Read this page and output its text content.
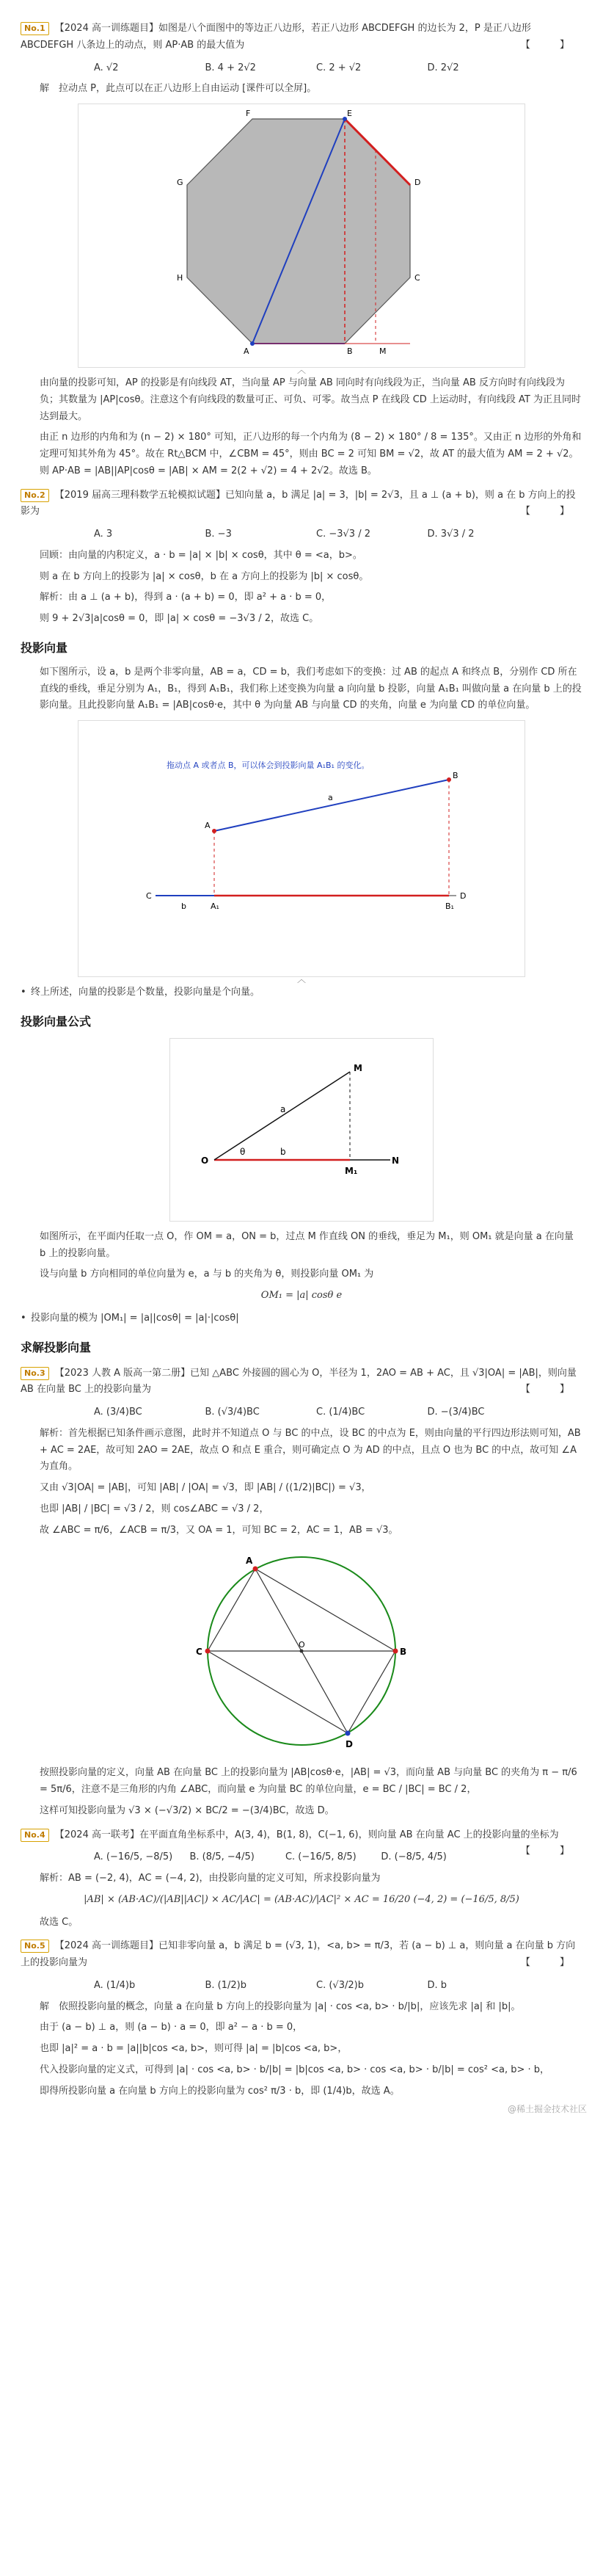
No.1 【2024 高一训练题目】如图是八个面图中的等边正八边形，若正八边形 ABCDEFGH 的边长为 2，P 是正八边形 ABCDEFGH 八条边上的动点，则 AP·AB 的最大值为	【 】
A. √2	B. 4 + 2√2	C. 2 + √2	D. 2√2
解　拉动点 P，此点可以在正八边形上自由运动 [课件可以全屏]。
A	B
C
D
E
F
G
H
M
︿
由向量的投影可知，AP 的投影是有向线段 AT，当向量 AP 与向量 AB 同向时有向线段为正，当向量 AB 反方向时有向线段为负；其数量为 |AP|cosθ。注意这个有向线段的数量可正、可负、可零。故当点 P 在线段 CD 上运动时，有向线段 AT 为正且同时达到最大。
由正 n 边形的内角和为 (n − 2) × 180° 可知，正八边形的每一个内角为 (8 − 2) × 180° / 8 = 135°。又由正 n 边形的外角和定理可知其外角为 45°。故在 Rt△BCM 中，∠CBM = 45°，则由 BC = 2 可知 BM = √2，故 AT 的最大值为 AM = 2 + √2。则 AP·AB = |AB||AP|cosθ = |AB| × AM = 2(2 + √2) = 4 + 2√2。故选 B。
No.2 【2019 届高三理科数学五轮模拟试题】已知向量 a，b 满足 |a| = 3，|b| = 2√3，且 a ⊥ (a + b)，则 a 在 b 方向上的投影为	【 】
A. 3	B. −3	C. −3√3 / 2	D. 3√3 / 2
回顾：由向量的内积定义，a · b = |a| × |b| × cosθ，其中 θ = <a，b>。
则 a 在 b 方向上的投影为 |a| × cosθ，b 在 a 方向上的投影为 |b| × cosθ。
解析：由 a ⊥ (a + b)，得到 a · (a + b) = 0，即 a² + a · b = 0，
则 9 + 2√3|a|cosθ = 0，即 |a| × cosθ = −3√3 / 2，故选 C。
投影向量
如下图所示，设 a，b 是两个非零向量，AB = a，CD = b，我们考虑如下的变换：过 AB 的起点 A 和终点 B，分别作 CD 所在直线的垂线，垂足分别为 A₁，B₁，得到 A₁B₁，我们称上述变换为向量 a 向向量 b 投影，向量 A₁B₁ 叫做向量 a 在向量 b 上的投影向量。且此投影向量 A₁B₁ = |AB|cosθ·e，其中 θ 为向量 AB 与向量 CD 的夹角，向量 e 为向量 CD 的单位向量。
拖动点 A 或者点 B，可以体会到投影向量 A₁B₁ 的变化。
A
B
C	D
A₁	B₁
a
b
︿
• 终上所述，向量的投影是个数量，投影向量是个向量。
投影向量公式
O
M
M₁
N
a
b
θ
如图所示，在平面内任取一点 O，作 OM = a，ON = b，过点 M 作直线 ON 的垂线，垂足为 M₁，则 OM₁ 就是向量 a 在向量 b 上的投影向量。
设与向量 b 方向相同的单位向量为 e，a 与 b 的夹角为 θ，则投影向量 OM₁ 为
OM₁ = |a| cosθ e
• 投影向量的模为 |OM₁| = |a||cosθ| = |a|·|cosθ|
求解投影向量
No.3 【2023 人教 A 版高一第二册】已知 △ABC 外接圆的圆心为 O，半径为 1，2AO = AB + AC，且 √3|OA| = |AB|，则向量 AB 在向量 BC 上的投影向量为	【 】
A. (3/4)BC	B. (√3/4)BC	C. (1/4)BC	D. −(3/4)BC
解析：首先根据已知条件画示意图，此时并不知道点 O 与 BC 的中点，设 BC 的中点为 E，则由向量的平行四边形法则可知，AB + AC = 2AE，故可知 2AO = 2AE，故点 O 和点 E 重合，则可确定点 O 为 AD 的中点，且点 O 也为 BC 的中点，故可知 ∠A 为直角。
又由 √3|OA| = |AB|，可知 |AB| / |OA| = √3，即 |AB| / ((1/2)|BC|) = √3，
也即 |AB| / |BC| = √3 / 2，则 cos∠ABC = √3 / 2，
故 ∠ABC = π/6，∠ACB = π/3，又 OA = 1，可知 BC = 2，AC = 1，AB = √3。
A
B
C
D
O
按照投影向量的定义，向量 AB 在向量 BC 上的投影向量为 |AB|cosθ·e，|AB| = √3，而向量 AB 与向量 BC 的夹角为 π − π/6 = 5π/6，注意不是三角形的内角 ∠ABC，而向量 e 为向量 BC 的单位向量，e = BC / |BC| = BC / 2，
这样可知投影向量为 √3 × (−√3/2) × BC/2 = −(3/4)BC，故选 D。
No.4 【2024 高一联考】在平面直角坐标系中，A(3, 4)，B(1, 8)，C(−1, 6)，则向量 AB 在向量 AC 上的投影向量的坐标为
【 】
A. (−16/5, −8/5)	B. (8/5, −4/5)	C. (−16/5, 8/5)	D. (−8/5, 4/5)
解析：AB = (−2, 4)，AC = (−4, 2)，由投影向量的定义可知，所求投影向量为
|AB| × (AB·AC)/(|AB||AC|) × AC/|AC| = (AB·AC)/|AC|² × AC = 16/20 (−4, 2) = (−16/5, 8/5)
故选 C。
No.5 【2024 高一训练题目】已知非零向量 a，b 满足 b = (√3, 1)，<a, b> = π/3，若 (a − b) ⊥ a，则向量 a 在向量 b 方向上的投影向量为	【 】
A. (1/4)b	B. (1/2)b	C. (√3/2)b	D. b
解　依照投影向量的概念，向量 a 在向量 b 方向上的投影向量为 |a| · cos <a, b> · b/|b|，应该先求 |a| 和 |b|。
由于 (a − b) ⊥ a，则 (a − b) · a = 0，即 a² − a · b = 0，
也即 |a|² = a · b = |a||b|cos <a, b>，则可得 |a| = |b|cos <a, b>，
代入投影向量的定义式，可得到 |a| · cos <a, b> · b/|b| = |b|cos <a, b> · cos <a, b> · b/|b| = cos² <a, b> · b，
即得所投影向量 a 在向量 b 方向上的投影向量为 cos² π/3 · b，即 (1/4)b，故选 A。
@稀土掘金技术社区
